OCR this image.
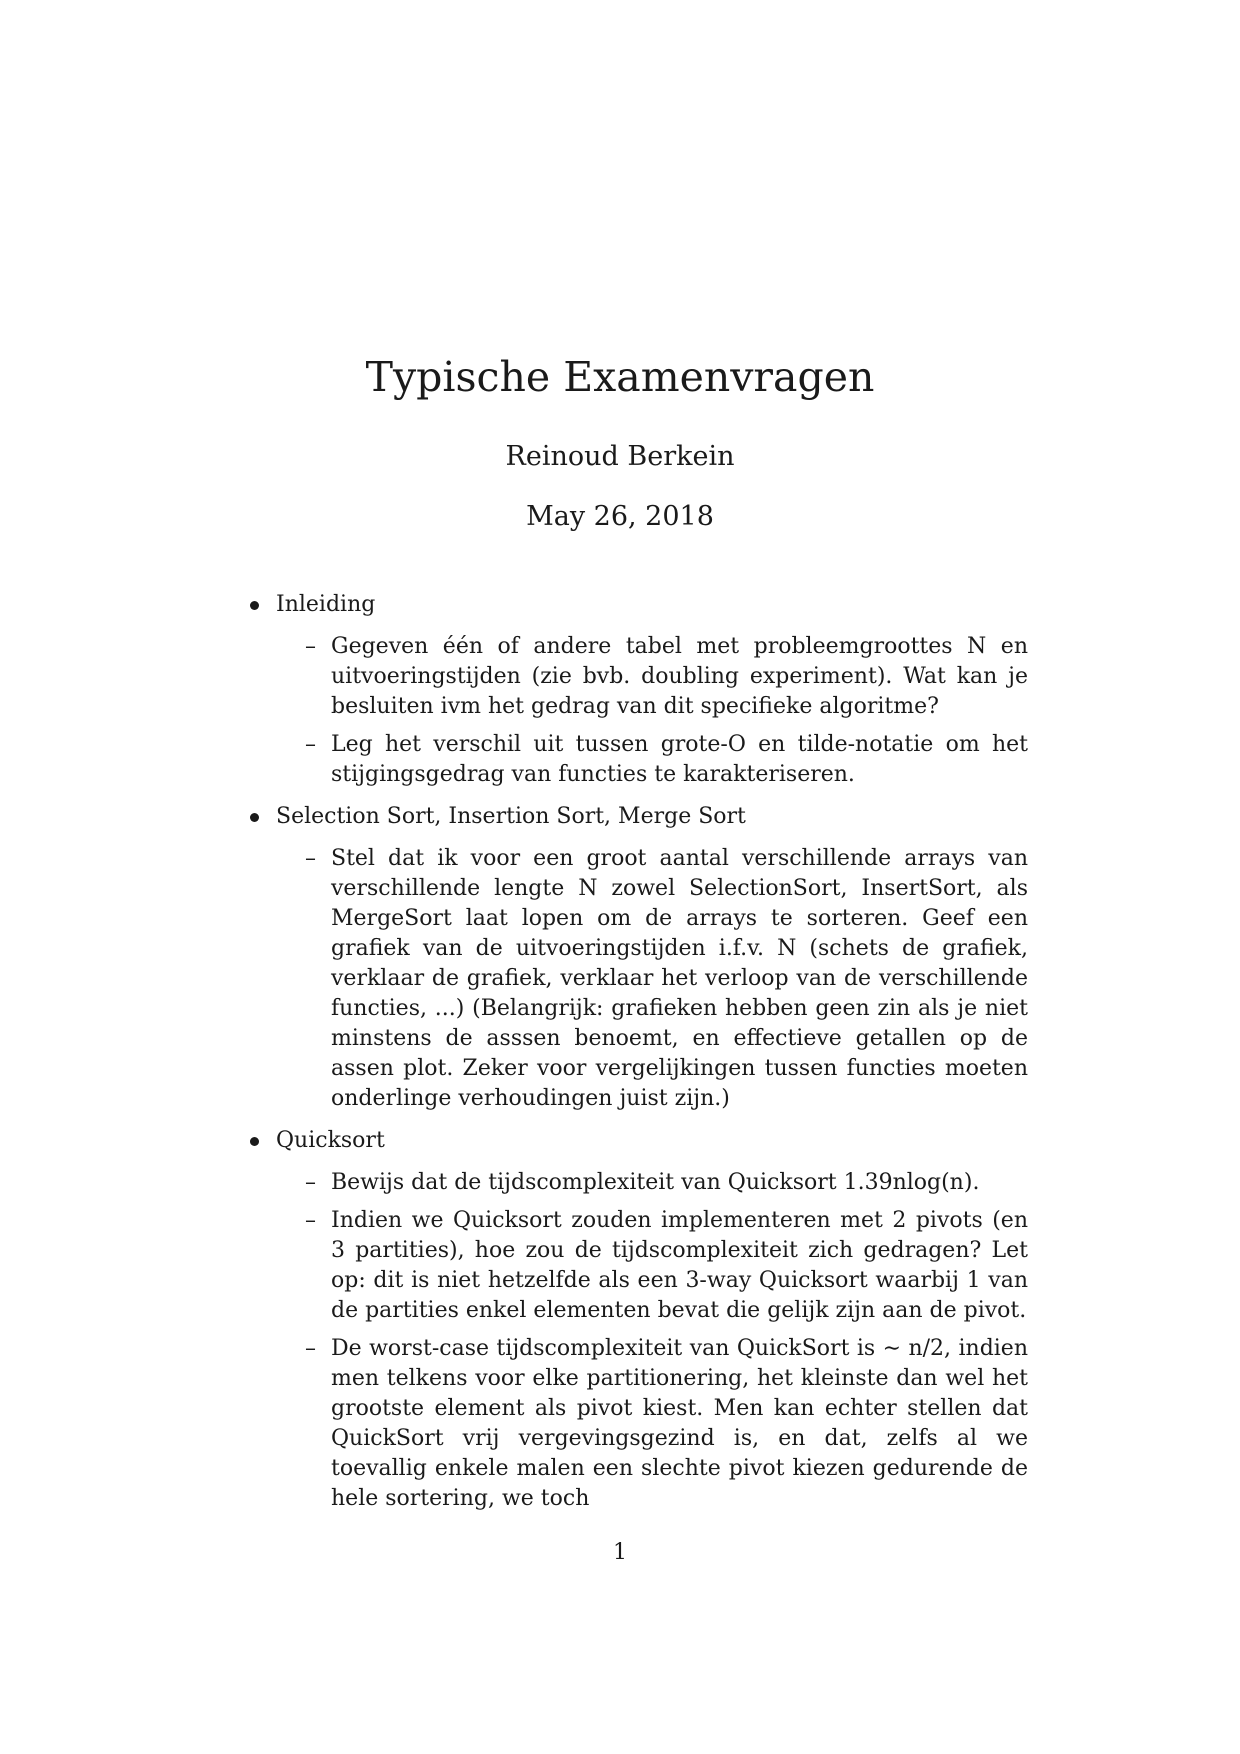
Typische Examenvragen
Reinoud Berkein
May 26, 2018
Inleiding
– Gegeven één of andere tabel met probleemgroottes N en uitvoeringstijden (zie bvb. doubling experiment). Wat kan je besluiten ivm het gedrag van dit specifieke algoritme?
– Leg het verschil uit tussen grote-O en tilde-notatie om het stijgingsgedrag van functies te karakteriseren.
Selection Sort, Insertion Sort, Merge Sort
– Stel dat ik voor een groot aantal verschillende arrays van verschillende lengte N zowel SelectionSort, InsertSort, als MergeSort laat lopen om de arrays te sorteren. Geef een grafiek van de uitvoeringstijden i.f.v. N (schets de grafiek, verklaar de grafiek, verklaar het verloop van de verschillende functies, ...) (Belangrijk: grafieken hebben geen zin als je niet minstens de asssen benoemt, en effectieve getallen op de assen plot. Zeker voor vergelijkingen tussen functies moeten onderlinge verhoudingen juist zijn.)
Quicksort
– Bewijs dat de tijdscomplexiteit van Quicksort 1.39nlog(n).
– Indien we Quicksort zouden implementeren met 2 pivots (en 3 partities), hoe zou de tijdscomplexiteit zich gedragen? Let op: dit is niet hetzelfde als een 3-way Quicksort waarbij 1 van de partities enkel elementen bevat die gelijk zijn aan de pivot.
– De worst-case tijdscomplexiteit van QuickSort is ∼ n/2, indien men telkens voor elke partitionering, het kleinste dan wel het grootste element als pivot kiest. Men kan echter stellen dat QuickSort vrij vergevingsgezind is, en dat, zelfs al we toevallig enkele malen een slechte pivot kiezen gedurende de hele sortering, we toch
1
